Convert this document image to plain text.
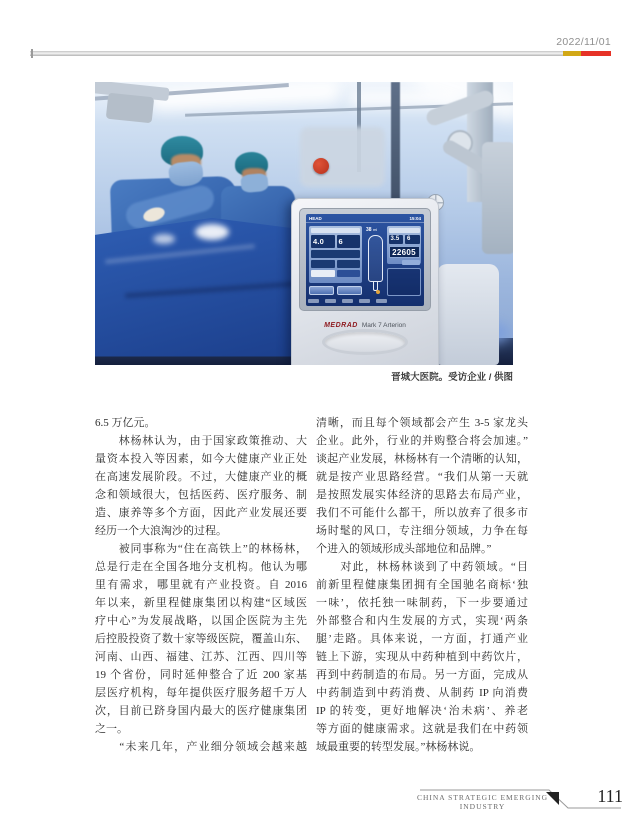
2022/11/01
HEAD	15:04
4.0	6
38 ml
3.5	6
22605
MEDRAD Mark 7 Arterion
晋城大医院。受访企业 / 供图
6.5 万亿元。
　　林杨林认为，由于国家政策推动、大
量资本投入等因素，如今大健康产业正处
在高速发展阶段。不过，大健康产业的概
念和领域很大，包括医药、医疗服务、制
造、康养等多个方面，因此产业发展还要
经历一个大浪淘沙的过程。
　　被同事称为“住在高铁上”的林杨林，
总是行走在全国各地分支机构。他认为哪
里有需求，哪里就有产业投资。自 2016
年以来，新里程健康集团以构建“区域医
疗中心”为发展战略，以国企医院为主先
后控股投资了数十家等级医院，覆盖山东、
河南、山西、福建、江苏、江西、四川等
19 个省份，同时延伸整合了近 200 家基
层医疗机构，每年提供医疗服务超千万人
次，目前已跻身国内最大的医疗健康集团
之一。
　　“未来几年，产业细分领域会越来越
清晰，而且每个领域都会产生 3-5 家龙头
企业。此外，行业的并购整合将会加速。”
谈起产业发展，林杨林有一个清晰的认知，
就是按产业思路经营。“我们从第一天就
是按照发展实体经济的思路去布局产业，
我们不可能什么都干，所以放弃了很多市
场时髦的风口，专注细分领域，力争在每
个进入的领域形成头部地位和品牌。”
　　对此，林杨林谈到了中药领域。“目
前新里程健康集团拥有全国驰名商标‘独
一味’，依托独一味制药，下一步要通过
外部整合和内生发展的方式，实现‘两条
腿’走路。具体来说，一方面，打通产业
链上下游，实现从中药种植到中药饮片，
再到中药制造的布局。另一方面，完成从
中药制造到中药消费、从制药 IP 向消费
IP 的转变，更好地解决‘治未病’、养老
等方面的健康需求。这就是我们在中药领
域最重要的转型发展。”林杨林说。
CHINA STRATEGIC EMERGING INDUSTRY
111
